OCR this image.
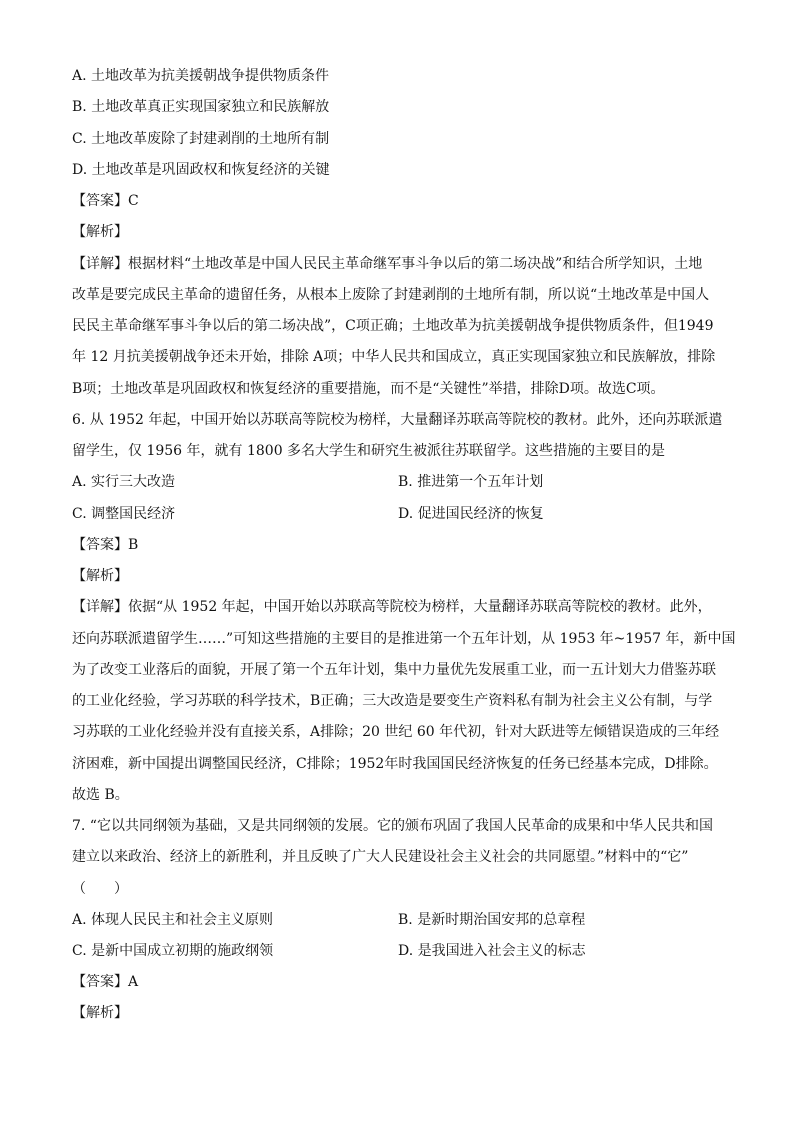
A. 土地改革为抗美援朝战争提供物质条件
B. 土地改革真正实现国家独立和民族解放
C. 土地改革废除了封建剥削的土地所有制
D. 土地改革是巩固政权和恢复经济的关键
【答案】C
【解析】
【详解】根据材料“土地改革是中国人民民主革命继军事斗争以后的第二场决战”和结合所学知识，土地
改革是要完成民主革命的遗留任务，从根本上废除了封建剥削的土地所有制，所以说“土地改革是中国人
民民主革命继军事斗争以后的第二场决战”，C项正确；土地改革为抗美援朝战争提供物质条件，但1949
年 12 月抗美援朝战争还未开始，排除 A项；中华人民共和国成立，真正实现国家独立和民族解放，排除
B项；土地改革是巩固政权和恢复经济的重要措施，而不是“关键性”举措，排除D项。故选C项。
6. 从 1952 年起，中国开始以苏联高等院校为榜样，大量翻译苏联高等院校的教材。此外，还向苏联派遣
留学生，仅 1956 年，就有 1800 多名大学生和研究生被派往苏联留学。这些措施的主要目的是
A. 实行三大改造	B. 推进第一个五年计划
C. 调整国民经济	D. 促进国民经济的恢复
【答案】B
【解析】
【详解】依据“从 1952 年起，中国开始以苏联高等院校为榜样，大量翻译苏联高等院校的教材。此外，
还向苏联派遣留学生……”可知这些措施的主要目的是推进第一个五年计划，从 1953 年~1957 年，新中国
为了改变工业落后的面貌，开展了第一个五年计划，集中力量优先发展重工业，而一五计划大力借鉴苏联
的工业化经验，学习苏联的科学技术，B正确；三大改造是要变生产资料私有制为社会主义公有制，与学
习苏联的工业化经验并没有直接关系，A排除；20 世纪 60 年代初，针对大跃进等左倾错误造成的三年经
济困难，新中国提出调整国民经济，C排除；1952年时我国国民经济恢复的任务已经基本完成，D排除。
故选 B。
7. “它以共同纲领为基础，又是共同纲领的发展。它的颁布巩固了我国人民革命的成果和中华人民共和国
建立以来政治、经济上的新胜利，并且反映了广大人民建设社会主义社会的共同愿望。”材料中的“它”
（　　）
A. 体现人民民主和社会主义原则	B. 是新时期治国安邦的总章程
C. 是新中国成立初期的施政纲领	D. 是我国进入社会主义的标志
【答案】A
【解析】
